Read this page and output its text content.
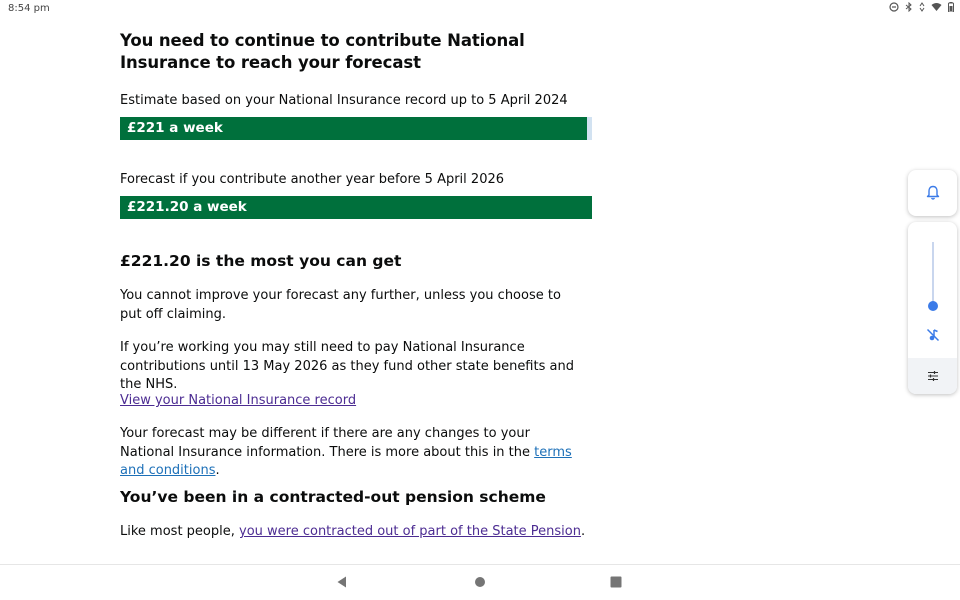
8:54 pm
You need to continue to contribute National Insurance to reach your forecast

Estimate based on your National Insurance record up to 5 April 2024

£221 a week

Forecast if you contribute another year before 5 April 2026

£221.20 a week
£221.20 is the most you can get

You cannot improve your forecast any further, unless you choose to put off claiming.

If you’re working you may still need to pay National Insurance contributions until 13 May 2026 as they fund other state benefits and the NHS.

View your National Insurance record

Your forecast may be different if there are any changes to your National Insurance information. There is more about this in the terms and conditions.

You’ve been in a contracted-out pension scheme

Like most people, you were contracted out of part of the State Pension.
